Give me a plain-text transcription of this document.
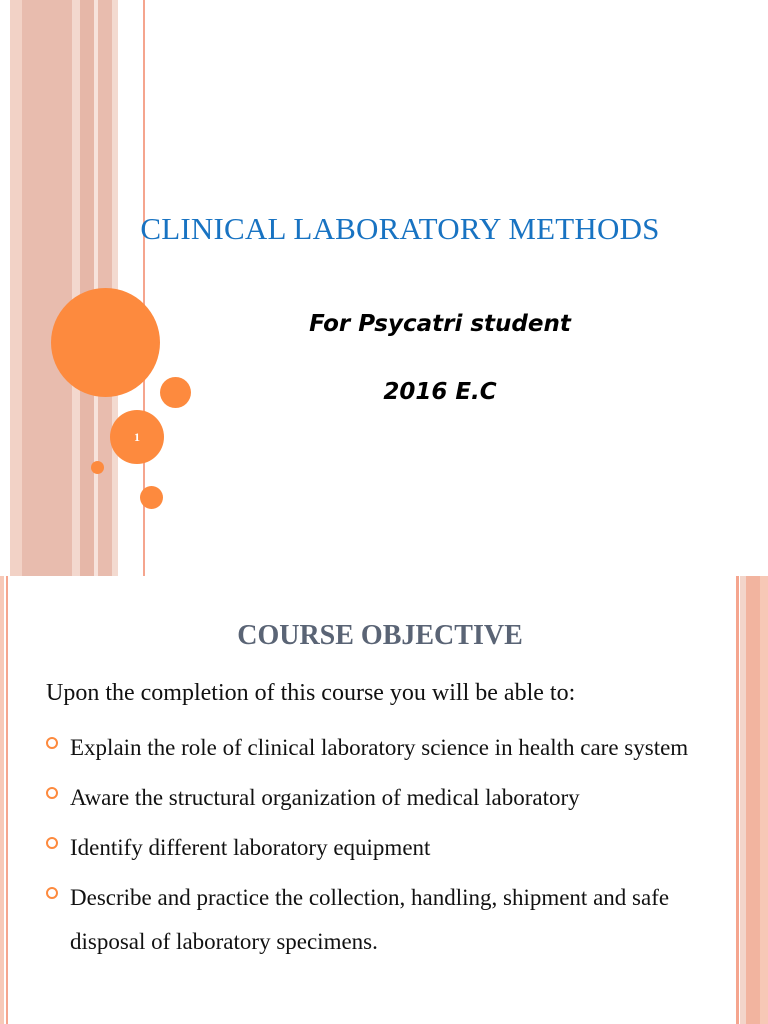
1
CLINICAL LABORATORY METHODS
For Psycatri student
2016 E.C
COURSE OBJECTIVE
Upon the completion of this course you will be able to:
Explain the role of clinical laboratory science in health care system
Aware the structural organization of medical laboratory
Identify different laboratory equipment
Describe and practice the collection, handling, shipment and safe disposal of laboratory specimens.
